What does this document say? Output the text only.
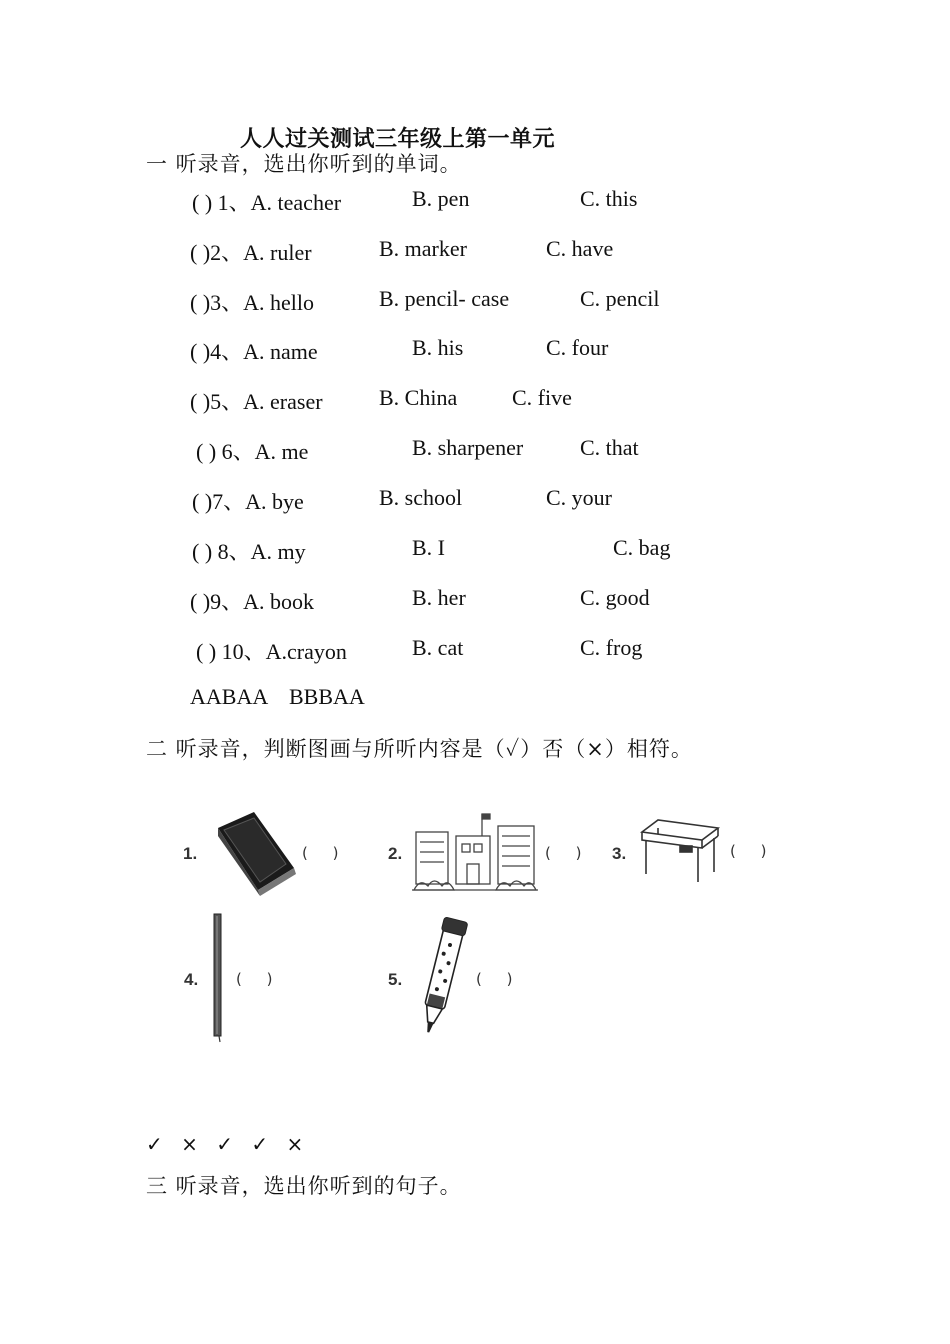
人人过关测试三年级上第一单元
一 听录音，选出你听到的单词。
( ) 1、A. teacher	B. pen	C. this
( )2、A. ruler	B. marker	C. have
( )3、A. hello	B. pencil- case	C. pencil
( )4、A. name	B. his	C. four
( )5、A. eraser	B. China C. five
( ) 6、A. me	B. sharpener	C. that
( )7、A. bye	B. school	C. your
( ) 8、A. my	B. I	C. bag
( )9、A. book	B. her	C. good
( ) 10、A.crayon	B. cat	C. frog
AABAA    BBBAA
二 听录音，判断图画与所听内容是（✓）否（×）相符。
1.	( ) 2.	( ) 3.	( )
4.	( )	5.	( )
✓ × ✓ ✓ ×
三 听录音，选出你听到的句子。
